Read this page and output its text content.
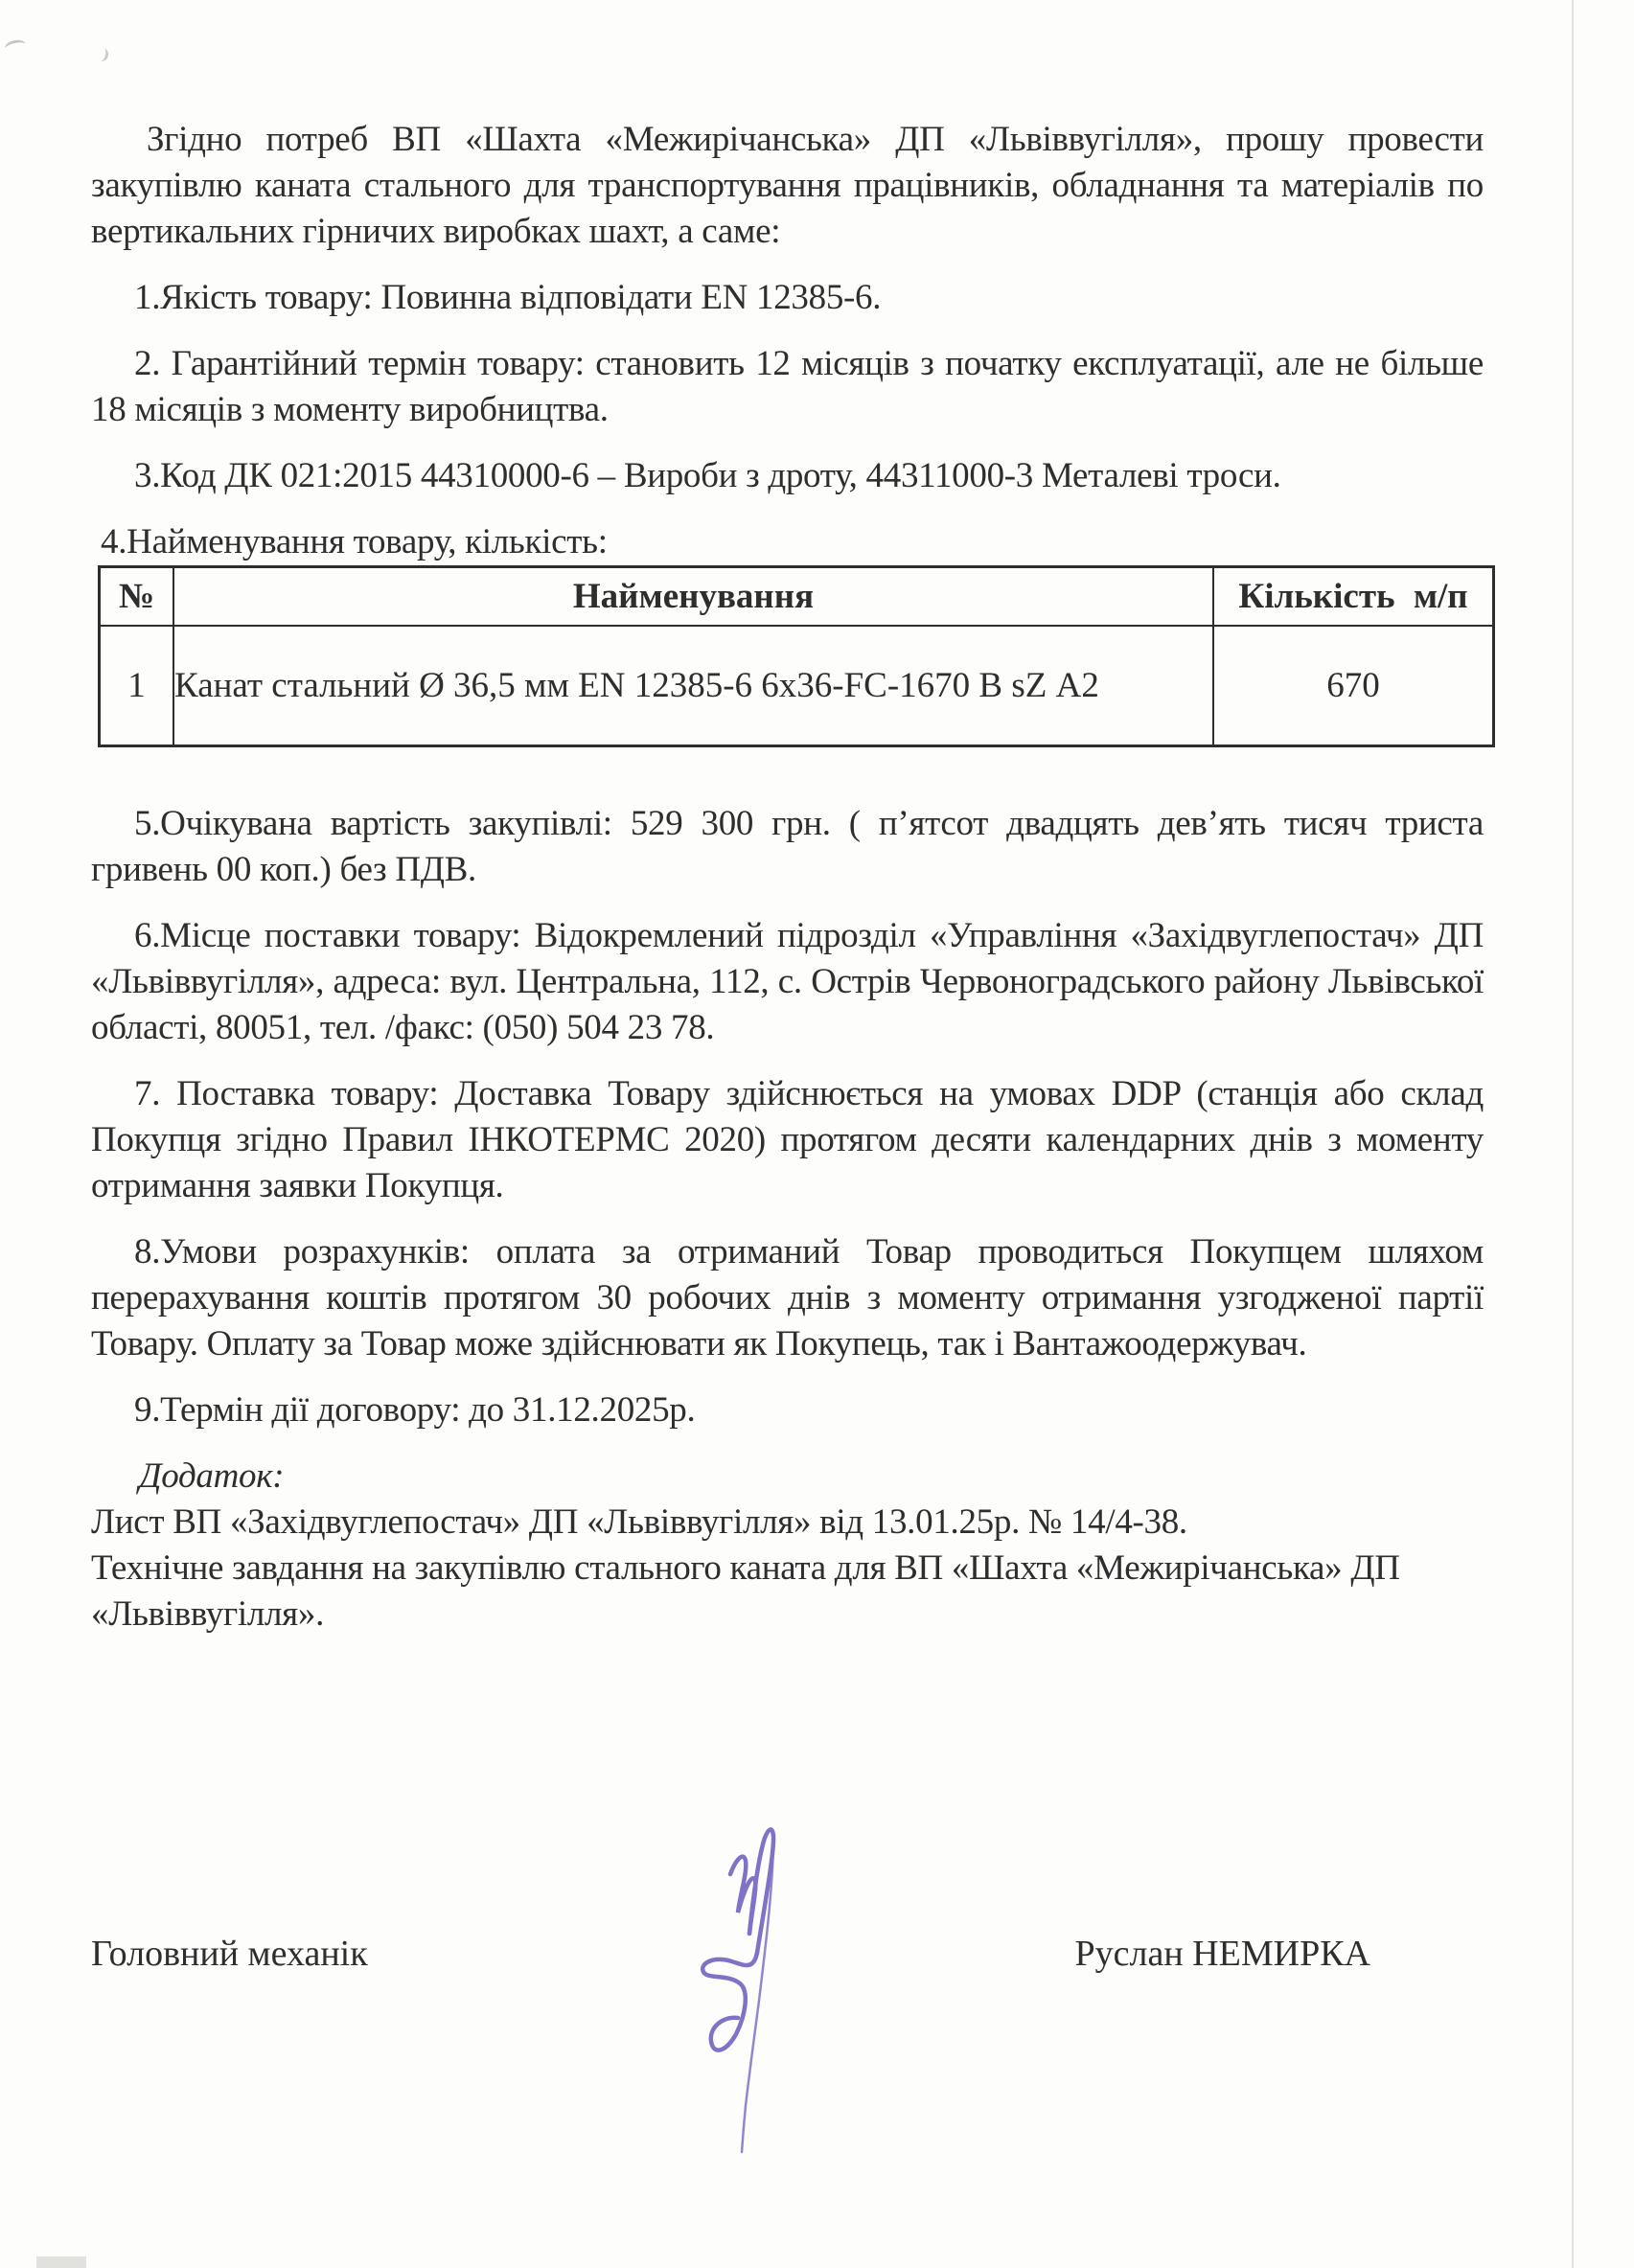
Згідно потреб ВП «Шахта «Межирічанська» ДП «Львіввугілля», прошу провести закупівлю каната стального для транспортування працівників, обладнання та матеріалів по вертикальних гірничих виробках шахт, а саме:

1.Якість товару: Повинна відповідати EN 12385-6.

2. Гарантійний термін товару: становить 12 місяців з початку експлуатації, але не більше 18 місяців з моменту виробництва.

3.Код ДК 021:2015 44310000-6 – Вироби з дроту, 44311000-3 Металеві троси.

4.Найменування товару, кількість:

№	Найменування	Кількість м/п
1	Канат стальний Ø 36,5 мм EN 12385-6 6х36-FC-1670 В sZ А2	670

5.Очікувана вартість закупівлі: 529 300 грн. ( п’ятсот двадцять дев’ять тисяч триста гривень 00 коп.) без ПДВ.

6.Місце поставки товару: Відокремлений підрозділ «Управління «Західвуглепостач» ДП «Львіввугілля», адреса: вул. Центральна, 112, с. Острів Червоноградського району Львівської області, 80051, тел. /факс: (050) 504 23 78.

7. Поставка товару: Доставка Товару здійснюється на умовах DDP (станція або склад Покупця згідно Правил ІНКОТЕРМС 2020) протягом десяти календарних днів з моменту отримання заявки Покупця.

8.Умови розрахунків: оплата за отриманий Товар проводиться Покупцем шляхом перерахування коштів протягом 30 робочих днів з моменту отримання узгодженої партії Товару. Оплату за Товар може здійснювати як Покупець, так і Вантажоодержувач.

9.Термін дії договору: до 31.12.2025р.

Додаток:

Лист ВП «Західвуглепостач» ДП «Львіввугілля» від 13.01.25р. № 14/4-38.

Технічне завдання на закупівлю стального каната для ВП «Шахта «Межирічанська» ДП «Львіввугілля».

Головний механік	Руслан НЕМИРКА
